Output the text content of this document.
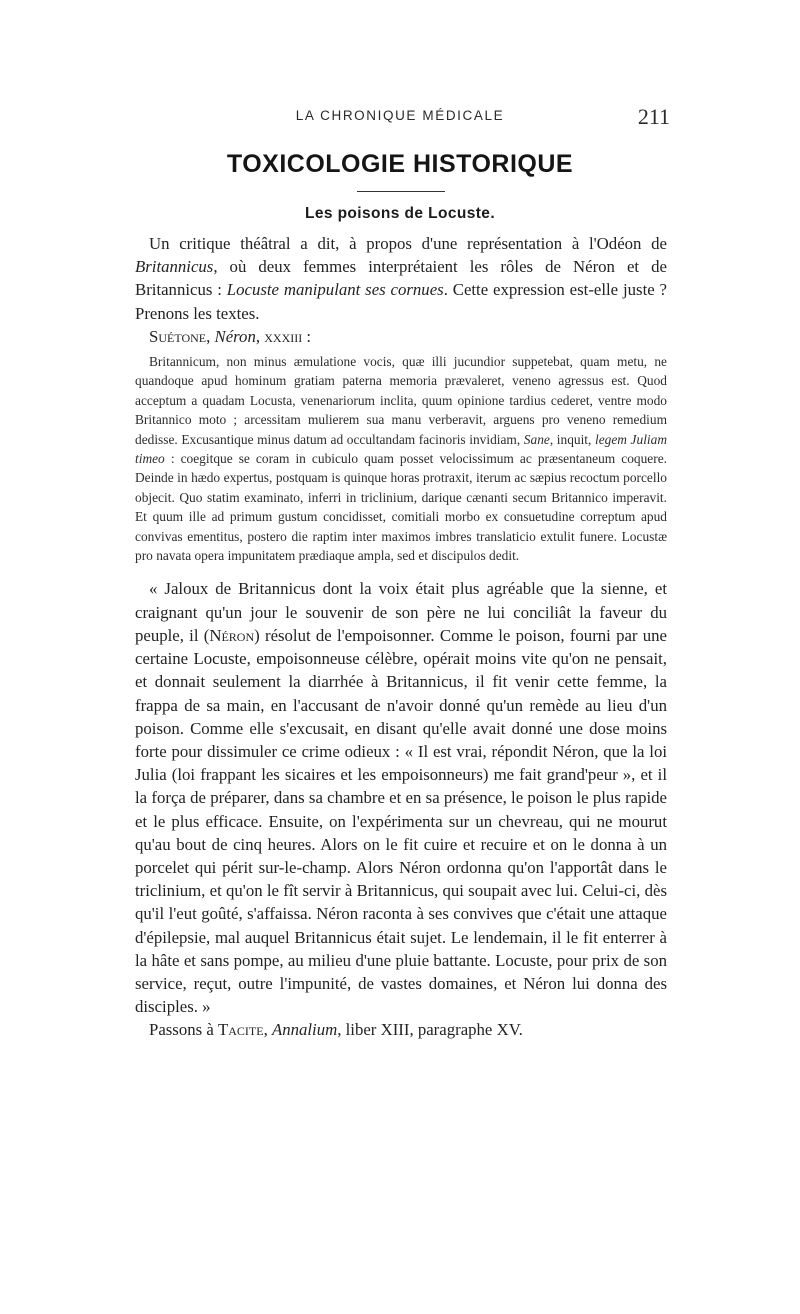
LA CHRONIQUE MÉDICALE	211
TOXICOLOGIE HISTORIQUE
Les poisons de Locuste.

Un critique théâtral a dit, à propos d'une représentation à l'Odéon de Britannicus, où deux femmes interprétaient les rôles de Néron et de Britannicus : Locuste manipulant ses cornues. Cette expression est-elle juste ? Prenons les textes.

Suétone, Néron, xxxiii :

Britannicum, non minus æmulatione vocis, quæ illi jucundior suppetebat, quam metu, ne quandoque apud hominum gratiam paterna memoria prævaleret, veneno agressus est. Quod acceptum a quadam Locusta, venenariorum inclita, quum opinione tardius cederet, ventre modo Britannico moto ; arcessitam mulierem sua manu verberavit, arguens pro veneno remedium dedisse. Excusantique minus datum ad occultandam facinoris invidiam, Sane, inquit, legem Juliam timeo : coegitque se coram in cubiculo quam posset velocissimum ac præsentaneum coquere. Deinde in hædo expertus, postquam is quinque horas protraxit, iterum ac sæpius recoctum porcello objecit. Quo statim examinato, inferri in triclinium, darique cænanti secum Britannico imperavit. Et quum ille ad primum gustum concidisset, comitiali morbo ex consuetudine correptum apud convivas ementitus, postero die raptim inter maximos imbres translaticio extulit funere. Locustæ pro navata opera impunitatem prædiaque ampla, sed et discipulos dedit.

« Jaloux de Britannicus dont la voix était plus agréable que la sienne, et craignant qu'un jour le souvenir de son père ne lui conciliât la faveur du peuple, il (Néron) résolut de l'empoisonner. Comme le poison, fourni par une certaine Locuste, empoisonneuse célèbre, opérait moins vite qu'on ne pensait, et donnait seulement la diarrhée à Britannicus, il fit venir cette femme, la frappa de sa main, en l'accusant de n'avoir donné qu'un remède au lieu d'un poison. Comme elle s'excusait, en disant qu'elle avait donné une dose moins forte pour dissimuler ce crime odieux : « Il est vrai, répondit Néron, que la loi Julia (loi frappant les sicaires et les empoisonneurs) me fait grand'peur », et il la força de préparer, dans sa chambre et en sa présence, le poison le plus rapide et le plus efficace. Ensuite, on l'expérimenta sur un chevreau, qui ne mourut qu'au bout de cinq heures. Alors on le fit cuire et recuire et on le donna à un porcelet qui périt sur-le-champ. Alors Néron ordonna qu'on l'apportât dans le triclinium, et qu'on le fît servir à Britannicus, qui soupait avec lui. Celui-ci, dès qu'il l'eut goûté, s'affaissa. Néron raconta à ses convives que c'était une attaque d'épilepsie, mal auquel Britannicus était sujet. Le lendemain, il le fit enterrer à la hâte et sans pompe, au milieu d'une pluie battante. Locuste, pour prix de son service, reçut, outre l'impunité, de vastes domaines, et Néron lui donna des disciples. »

Passons à Tacite, Annalium, liber XIII, paragraphe XV.
